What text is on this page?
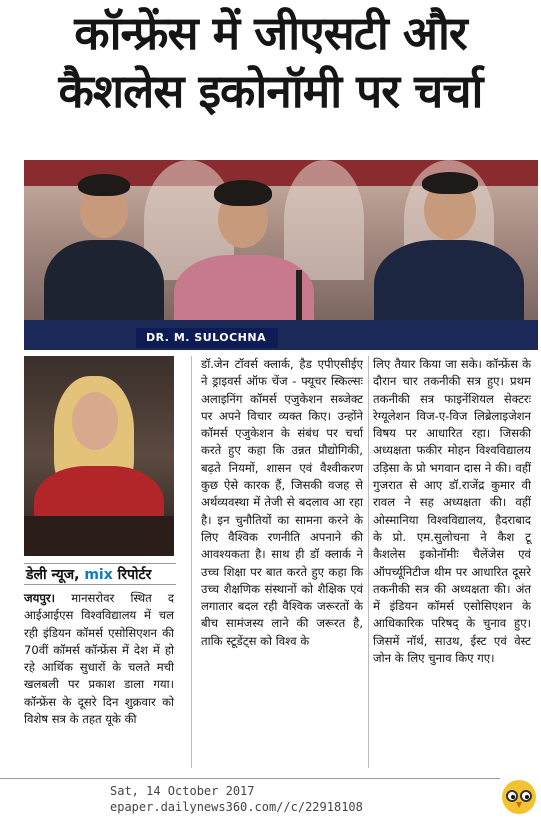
कॉन्फ्रेंस में जीएसटी और
कैशलेस इकोनॉमी पर चर्चा
DR. M. SULOCHNA
डेली न्यूज, mix रिपोर्टर

जयपुर। मानसरोवर स्थित द आईआईएस विश्वविद्यालय में चल रही इंडियन कॉमर्स एसोसिएशन की 70वीं कॉमर्स कॉन्फ्रेंस में देश में हो रहे आर्थिक सुधारों के चलते मची खलबली पर प्रकाश डाला गया। कॉन्फ्रेंस के दूसरे दिन शुक्रवार को विशेष सत्र के तहत यूके की

डॉ.जेन टॉवर्स क्लार्क, हैड एपीएसीईए ने ड्राइवर्स ऑफ चेंज - फ्यूचर स्किल्सः अलाइनिंग कॉमर्स एजुकेशन सब्जेक्ट पर अपने विचार व्यक्त किए। उन्होंने कॉमर्स एजुकेशन के संबंध पर चर्चा करते हुए कहा कि उन्नत प्रौद्योगिकी, बढ़ते नियमों, शासन एवं वैश्वीकरण कुछ ऐसे कारक हैं, जिसकी वजह से अर्थव्यवस्था में तेजी से बदलाव आ रहा है। इन चुनौतियों का सामना करने के लिए वैश्विक रणनीति अपनाने की आवश्यकता है। साथ ही डॉ क्लार्क ने उच्च शिक्षा पर बात करते हुए कहा कि उच्च शैक्षणिक संस्थानों को शैक्षिक एवं लगातार बदल रही वैश्विक जरूरतों के बीच सामंजस्य लाने की जरूरत है, ताकि स्टूडेंट्स को विश्व के

लिए तैयार किया जा सके। कॉन्फ्रेंस के दौरान चार तकनीकी सत्र हुए। प्रथम तकनीकी सत्र फाइनेंशियल सेक्टरः रेग्यूलेशन विज-ए-विज लिब्रेलाइजेशन विषय पर आधारित रहा। जिसकी अध्यक्षता फकीर मोहन विश्वविद्यालय उड़िसा के प्रो भगवान दास ने की। वहीं गुजरात से आए डॉ.राजेंद्र कुमार वी रावल ने सह अध्यक्षता की। वहीं ओस्मानिया विश्वविद्यालय, हैदराबाद के प्रो. एम.सुलोचना ने कैश टू कैशलेस इकोनॉमीः चैलेंजेस एवं ऑपर्च्यूनिटीज थीम पर आधारित दूसरे तकनीकी सत्र की अध्यक्षता की। अंत में इंडियन कॉमर्स एसोसिएशन के आधिकारिक परिषद् के चुनाव हुए। जिसमें नॉर्थ, साउथ, ईस्ट एवं वेस्ट जोन के लिए चुनाव किए गए।

Sat, 14 October 2017
epaper.dailynews360.com//c/22918108
